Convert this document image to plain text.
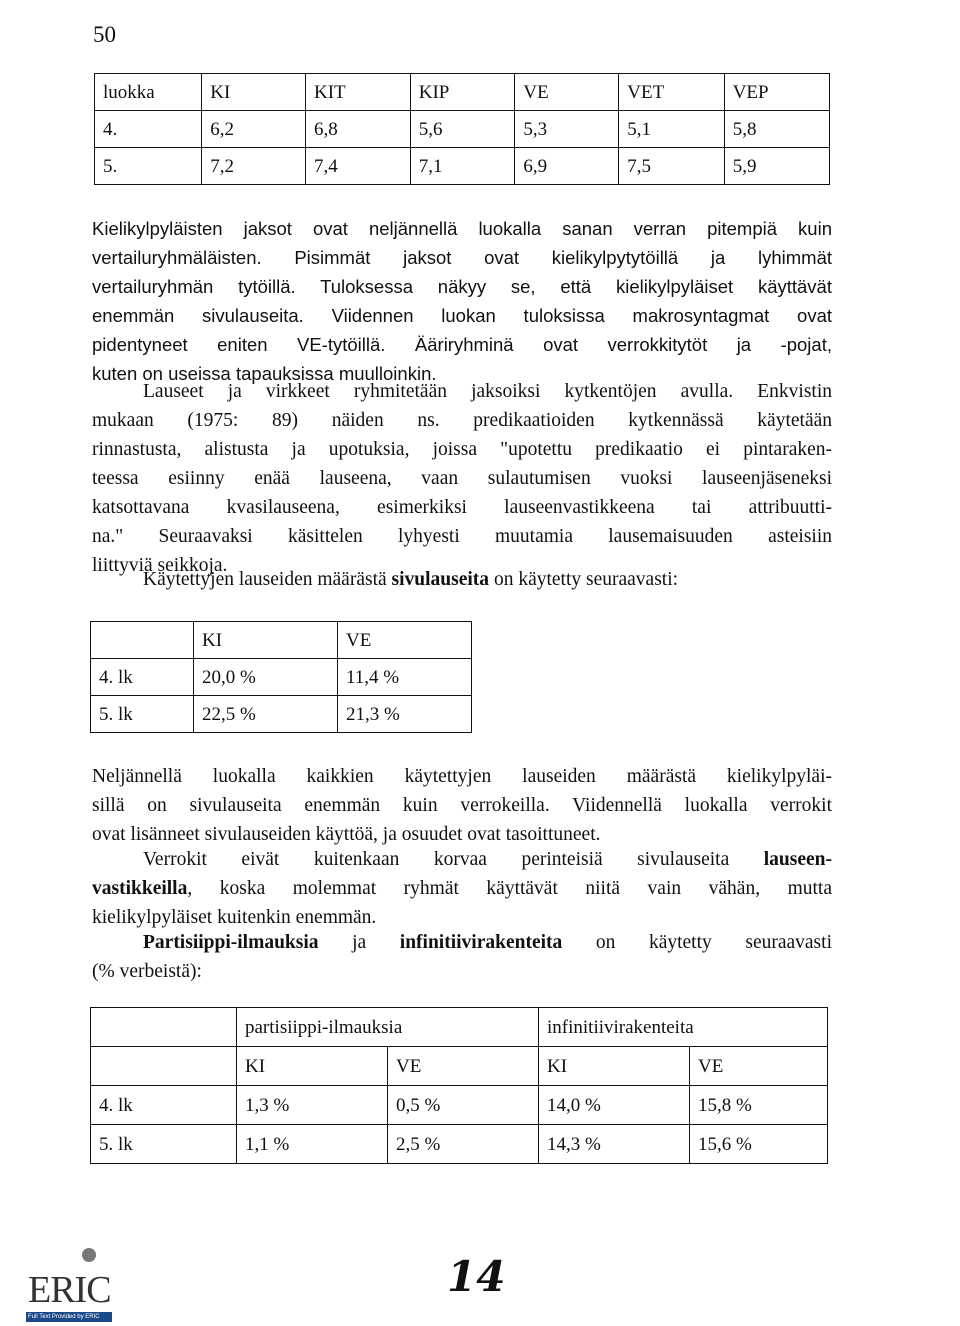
50
luokka	KI	KIT	KIP	VE	VET	VEP
4.	6,2	6,8	5,6	5,3	5,1	5,8
5.	7,2	7,4	7,1	6,9	7,5	5,9

Kielikylpyläisten jaksot ovat neljännellä luokalla sanan verran pitempiä kuin
vertailuryhmäläisten. Pisimmät jaksot ovat kielikylpytytöillä ja lyhimmät
vertailuryhmän tytöillä. Tuloksessa näkyy se, että kielikylpyläiset käyttävät
enemmän sivulauseita. Viidennen luokan tuloksissa makrosyntagmat ovat
pidentyneet eniten VE-tytöillä. Ääriryhminä ovat verrokkitytöt ja -pojat,
kuten on useissa tapauksissa muulloinkin.

Lauseet ja virkkeet ryhmitetään jaksoiksi kytkentöjen avulla. Enkvistin
mukaan (1975: 89) näiden ns. predikaatioiden kytkennässä käytetään
rinnastusta, alistusta ja upotuksia, joissa "upotettu predikaatio ei pintaraken-
teessa esiinny enää lauseena, vaan sulautumisen vuoksi lauseenjäseneksi
katsottavana kvasilauseena, esimerkiksi lauseenvastikkeena tai attribuutti-
na." Seuraavaksi käsittelen lyhyesti muutamia lausemaisuuden asteisiin
liittyviä seikkoja.

Käytettyjen lauseiden määrästä sivulauseita on käytetty seuraavasti:

	KI	VE
4. lk	20,0 %	11,4 %
5. lk	22,5 %	21,3 %

Neljännellä luokalla kaikkien käytettyjen lauseiden määrästä kielikylpyläi-
sillä on sivulauseita enemmän kuin verrokeilla. Viidennellä luokalla verrokit
ovat lisänneet sivulauseiden käyttöä, ja osuudet ovat tasoittuneet.

Verrokit eivät kuitenkaan korvaa perinteisiä sivulauseita lauseen-
vastikkeilla, koska molemmat ryhmät käyttävät niitä vain vähän, mutta
kielikylpyläiset kuitenkin enemmän.

Partisiippi-ilmauksia ja infinitiivirakenteita on käytetty seuraavasti
(% verbeistä):

	partisiippi-ilmauksia		infinitiivirakenteita	
	KI	VE	KI	VE
4. lk	1,3 %	0,5 %	14,0 %	15,8 %
5. lk	1,1 %	2,5 %	14,3 %	15,6 %
ERIC
Full Text Provided by ERIC
14
